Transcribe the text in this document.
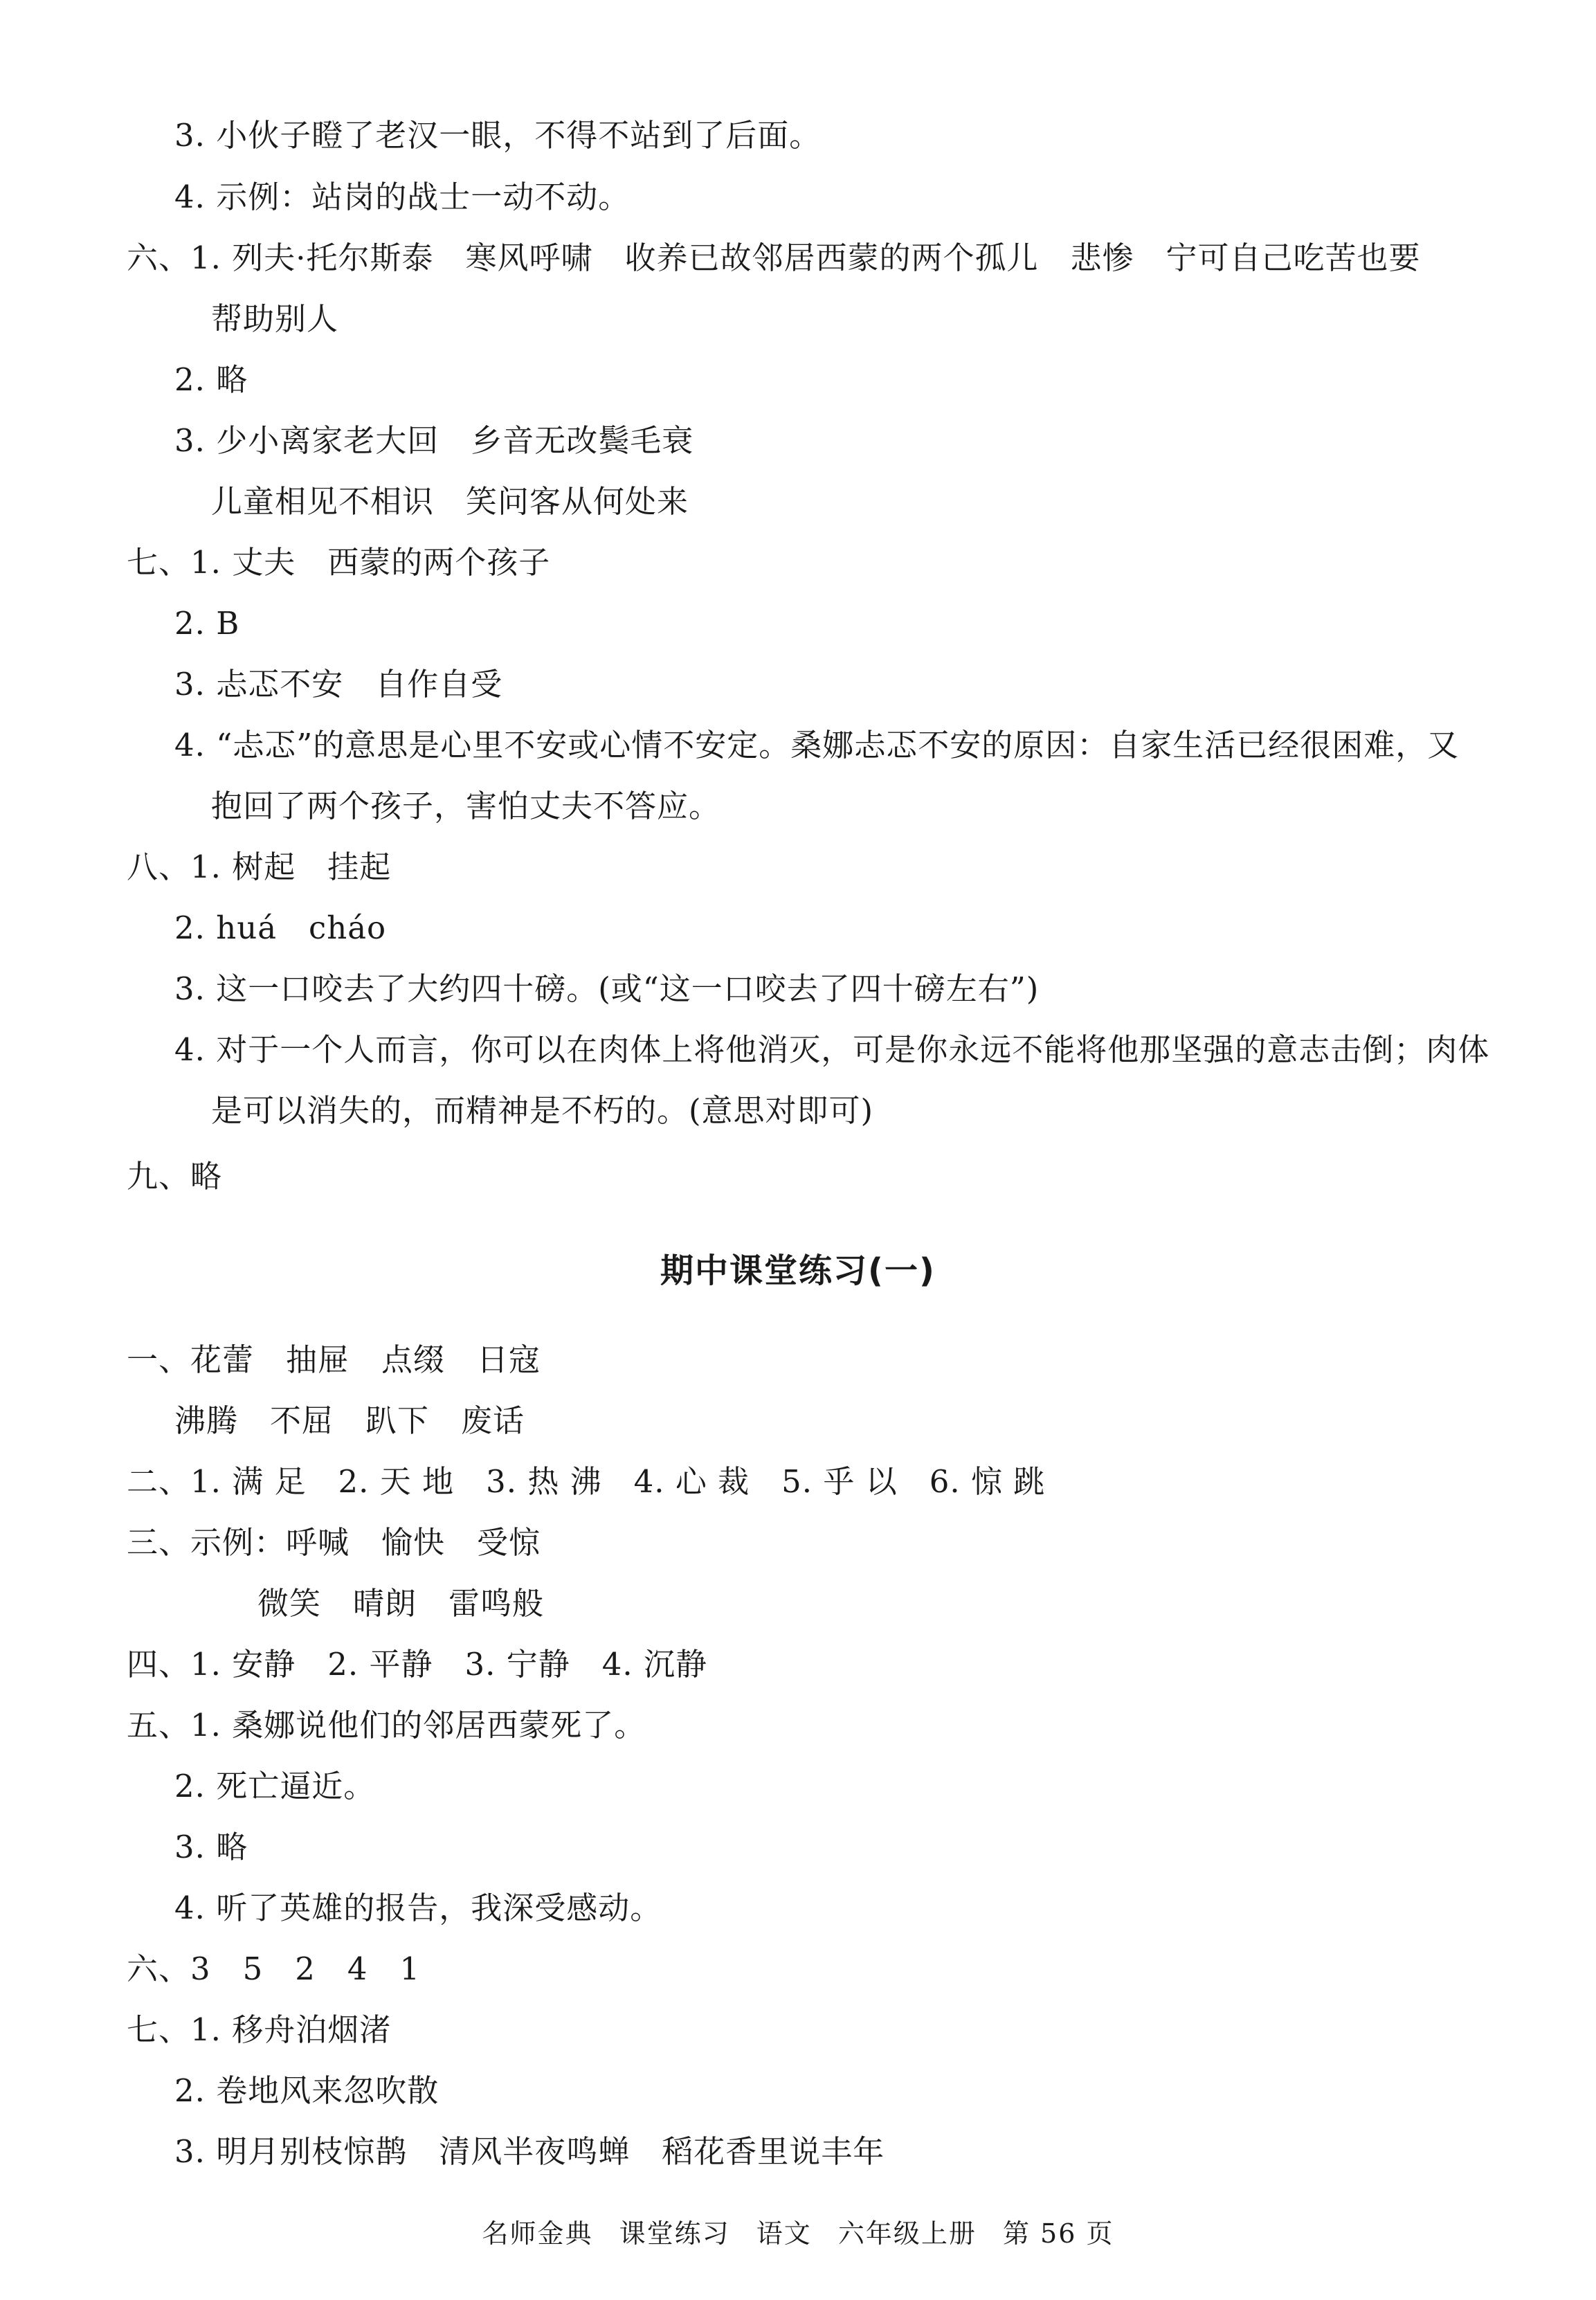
3. 小伙子瞪了老汉一眼，不得不站到了后面。
4. 示例：站岗的战士一动不动。
六、1. 列夫·托尔斯泰　寒风呼啸　收养已故邻居西蒙的两个孤儿　悲惨　宁可自己吃苦也要
帮助别人
2. 略
3. 少小离家老大回　乡音无改鬓毛衰
儿童相见不相识　笑问客从何处来
七、1. 丈夫　西蒙的两个孩子
2. B
3. 忐忑不安　自作自受
4. “忐忑”的意思是心里不安或心情不安定。桑娜忐忑不安的原因：自家生活已经很困难，又
抱回了两个孩子，害怕丈夫不答应。
八、1. 树起　挂起
2. huá　cháo
3. 这一口咬去了大约四十磅。(或“这一口咬去了四十磅左右”)
4. 对于一个人而言，你可以在肉体上将他消灭，可是你永远不能将他那坚强的意志击倒；肉体
是可以消失的，而精神是不朽的。(意思对即可)
九、略
期中课堂练习(一)
一、花蕾　抽屉　点缀　日寇
沸腾　不屈　趴下　废话
二、1. 满 足　2. 天 地　3. 热 沸　4. 心 裁　5. 乎 以　6. 惊 跳
三、示例：呼喊　愉快　受惊
微笑　晴朗　雷鸣般
四、1. 安静　2. 平静　3. 宁静　4. 沉静
五、1. 桑娜说他们的邻居西蒙死了。
2. 死亡逼近。
3. 略
4. 听了英雄的报告，我深受感动。
六、3　5　2　4　1
七、1. 移舟泊烟渚
2. 卷地风来忽吹散
3. 明月别枝惊鹊　清风半夜鸣蝉　稻花香里说丰年
名师金典 课堂练习 语文 六年级上册 第 56 页
